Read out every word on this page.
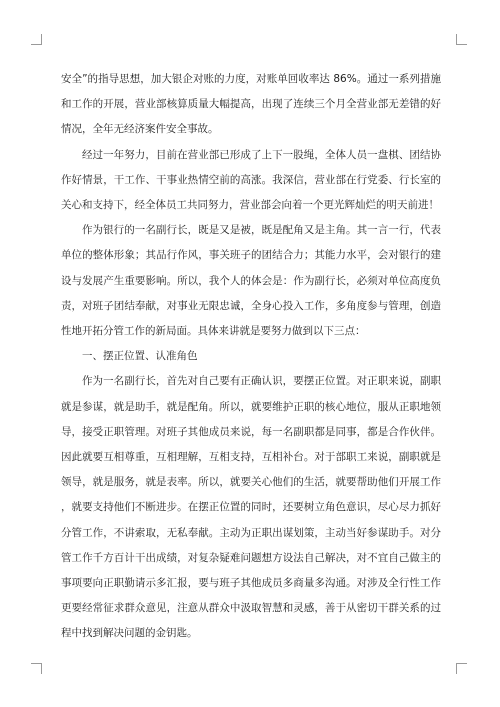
安全”的指导思想，加大银企对账的力度，对账单回收率达 86%。通过一系列措施和工作的开展，营业部核算质量大幅提高，出现了连续三个月全营业部无差错的好情况，全年无经济案件安全事故。

经过一年努力，目前在营业部已形成了上下一股绳，全体人员一盘棋、团结协作好情景，干工作、干事业热情空前的高涨。我深信，营业部在行党委、行长室的关心和支持下，经全体员工共同努力，营业部会向着一个更光辉灿烂的明天前进！

作为银行的一名副行长，既是又是被，既是配角又是主角。其一言一行，代表单位的整体形象；其品行作风，事关班子的团结合力；其能力水平，会对银行的建设与发展产生重要影响。所以，我个人的体会是：作为副行长，必须对单位高度负责，对班子团结奉献，对事业无限忠诚，全身心投入工作，多角度参与管理，创造性地开拓分管工作的新局面。具体来讲就是要努力做到以下三点：

一、摆正位置、认准角色

作为一名副行长，首先对自己要有正确认识，要摆正位置。对正职来说，副职就是参谋，就是助手，就是配角。所以，就要维护正职的核心地位，服从正职地领导，接受正职管理。对班子其他成员来说，每一名副职都是同事，都是合作伙伴。因此就要互相尊重，互相理解，互相支持，互相补台。对于部职工来说，副职就是领导，就是服务，就是表率。所以，就要关心他们的生活，就要帮助他们开展工作，就要支持他们不断进步。在摆正位置的同时，还要树立角色意识，尽心尽力抓好分管工作，不讲索取，无私奉献。主动为正职出谋划策，主动当好参谋助手。对分管工作千方百计干出成绩，对复杂疑难问题想方设法自己解决，对不宜自己做主的事项要向正职勤请示多汇报，要与班子其他成员多商量多沟通。对涉及全行性工作更要经常征求群众意见，注意从群众中汲取智慧和灵感，善于从密切干群关系的过程中找到解决问题的金钥匙。
